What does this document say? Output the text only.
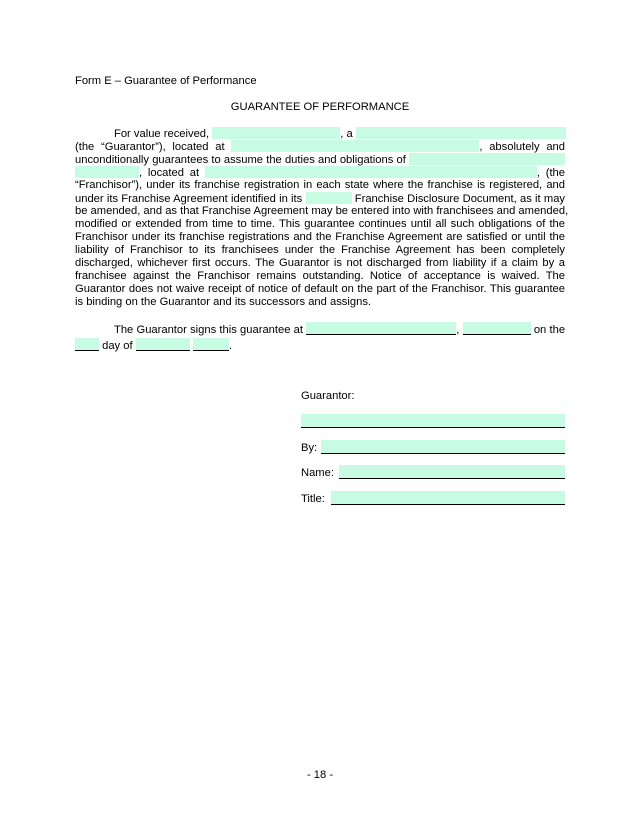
Form E – Guarantee of Performance
GUARANTEE OF PERFORMANCE
For value received,	, a
(the “Guarantor”), located at	, absolutely and
unconditionally guarantees to assume the duties and obligations of
, located at	, (the
“Franchisor”), under its franchise registration in each state where the franchise is registered, and
under its Franchise Agreement identified in its	Franchise Disclosure Document, as it may
be amended, and as that Franchise Agreement may be entered into with franchisees and amended,
modified or extended from time to time. This guarantee continues until all such obligations of the
Franchisor under its franchise registrations and the Franchise Agreement are satisfied or until the
liability of Franchisor to its franchisees under the Franchise Agreement has been completely
discharged, whichever first occurs. The Guarantor is not discharged from liability if a claim by a
franchisee against the Franchisor remains outstanding. Notice of acceptance is waived. The
Guarantor does not waive receipt of notice of default on the part of the Franchisor. This guarantee
is binding on the Guarantor and its successors and assigns.
The Guarantor signs this guarantee at	,	on the
day of	.
Guarantor:
By:
Name:
Title:
- 18 -
